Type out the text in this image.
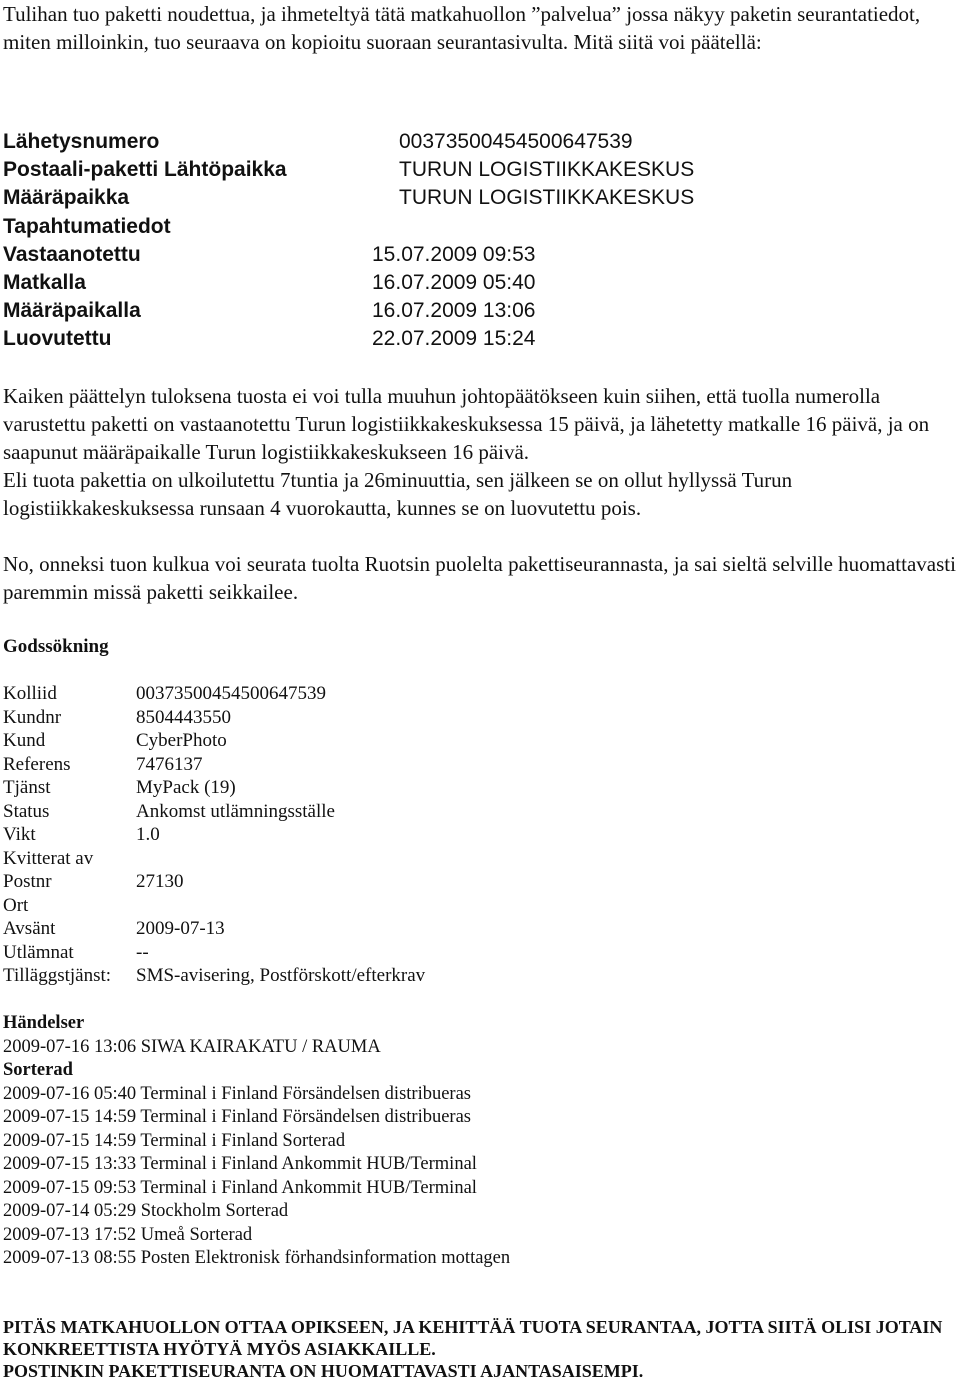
Tulihan tuo paketti noudettua, ja ihmeteltyä tätä matkahuollon ”palvelua” jossa näkyy paketin seurantatiedot, miten milloinkin, tuo seuraava on kopioitu suoraan seurantasivulta. Mitä siitä voi päätellä:
Lähetysnumero	00373500454500647539
Postaali-paketti Lähtöpaikka	TURUN LOGISTIIKKAKESKUS
Määräpaikka	TURUN LOGISTIIKKAKESKUS
Tapahtumatiedot
Vastaanotettu	15.07.2009 09:53
Matkalla	16.07.2009 05:40
Määräpaikalla	16.07.2009 13:06
Luovutettu	22.07.2009 15:24
Kaiken päättelyn tuloksena tuosta ei voi tulla muuhun johtopäätökseen kuin siihen, että tuolla numerolla varustettu paketti on vastaanotettu Turun logistiikkakeskuksessa 15 päivä, ja lähetetty matkalle 16 päivä, ja on saapunut määräpaikalle Turun logistiikkakeskukseen 16 päivä.
Eli tuota pakettia on ulkoilutettu 7tuntia ja 26minuuttia, sen jälkeen se on ollut hyllyssä Turun logistiikkakeskuksessa runsaan 4 vuorokautta, kunnes se on luovutettu pois.
No, onneksi tuon kulkua voi seurata tuolta Ruotsin puolelta pakettiseurannasta, ja sai sieltä selville huomattavasti paremmin missä paketti seikkailee.
Godssökning
Kolliid	00373500454500647539
Kundnr	8504443550
Kund	CyberPhoto
Referens	7476137
Tjänst	MyPack (19)
Status	Ankomst utlämningsställe
Vikt	1.0
Kvitterat av
Postnr	27130
Ort
Avsänt	2009-07-13
Utlämnat	--
Tilläggstjänst: SMS-avisering, Postförskott/efterkrav
Händelser
2009-07-16 13:06 SIWA KAIRAKATU / RAUMA
Sorterad
2009-07-16 05:40 Terminal i Finland Försändelsen distribueras
2009-07-15 14:59 Terminal i Finland Försändelsen distribueras
2009-07-15 14:59 Terminal i Finland Sorterad
2009-07-15 13:33 Terminal i Finland Ankommit HUB/Terminal
2009-07-15 09:53 Terminal i Finland Ankommit HUB/Terminal
2009-07-14 05:29 Stockholm Sorterad
2009-07-13 17:52 Umeå Sorterad
2009-07-13 08:55 Posten Elektronisk förhandsinformation mottagen
PITÄS MATKAHUOLLON OTTAA OPIKSEEN, JA KEHITTÄÄ TUOTA SEURANTAA, JOTTA SIITÄ OLISI JOTAIN KONKREETTISTA HYÖTYÄ MYÖS ASIAKKAILLE.
POSTINKIN PAKETTISEURANTA ON HUOMATTAVASTI AJANTASAISEMPI.
